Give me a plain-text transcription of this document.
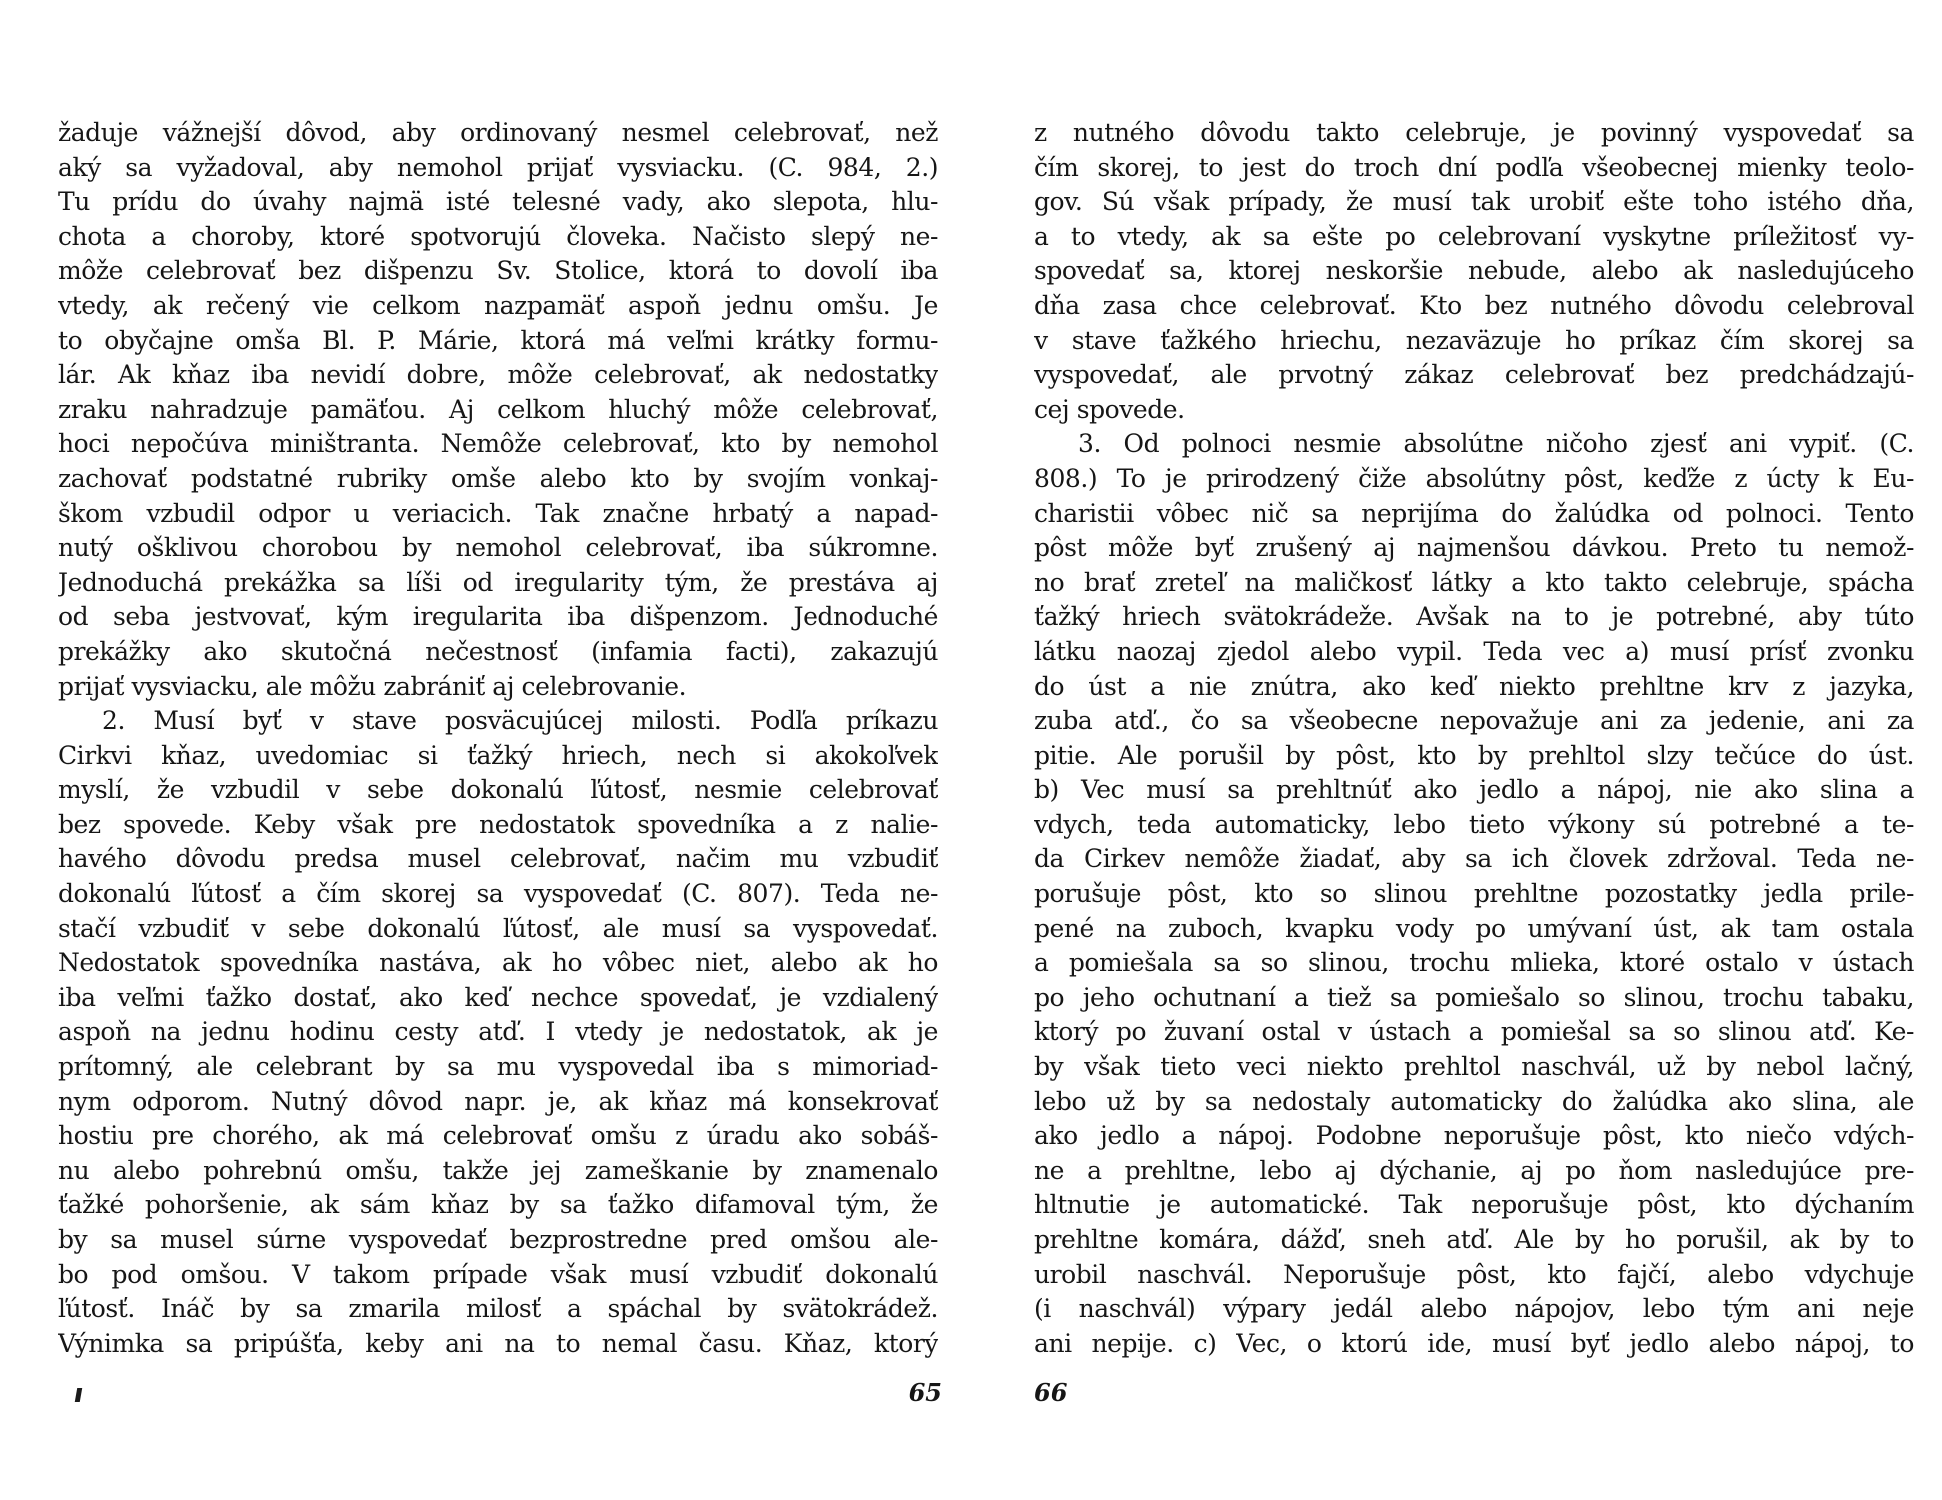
žaduje vážnejší dôvod, aby ordinovaný nesmel celebrovať, než
aký sa vyžadoval, aby nemohol prijať vysviacku. (C. 984, 2.)
Tu prídu do úvahy najmä isté telesné vady, ako slepota, hlu-
chota a choroby, ktoré spotvorujú človeka. Načisto slepý ne-
môže celebrovať bez dišpenzu Sv. Stolice, ktorá to dovolí iba
vtedy, ak rečený vie celkom nazpamäť aspoň jednu omšu. Je
to obyčajne omša Bl. P. Márie, ktorá má veľmi krátky formu-
lár. Ak kňaz iba nevidí dobre, môže celebrovať, ak nedostatky
zraku nahradzuje pamäťou. Aj celkom hluchý môže celebrovať,
hoci nepočúva miništranta. Nemôže celebrovať, kto by nemohol
zachovať podstatné rubriky omše alebo kto by svojím vonkaj-
škom vzbudil odpor u veriacich. Tak značne hrbatý a napad-
nutý ošklivou chorobou by nemohol celebrovať, iba súkromne.
Jednoduchá prekážka sa líši od iregularity tým, že prestáva aj
od seba jestvovať, kým iregularita iba dišpenzom. Jednoduché
prekážky ako skutočná nečestnosť (infamia facti), zakazujú
prijať vysviacku, ale môžu zabrániť aj celebrovanie.
2. Musí byť v stave posväcujúcej milosti. Podľa príkazu
Cirkvi kňaz, uvedomiac si ťažký hriech, nech si akokoľvek
myslí, že vzbudil v sebe dokonalú ľútosť, nesmie celebrovať
bez spovede. Keby však pre nedostatok spovedníka a z nalie-
havého dôvodu predsa musel celebrovať, načim mu vzbudiť
dokonalú ľútosť a čím skorej sa vyspovedať (C. 807). Teda ne-
stačí vzbudiť v sebe dokonalú ľútosť, ale musí sa vyspovedať.
Nedostatok spovedníka nastáva, ak ho vôbec niet, alebo ak ho
iba veľmi ťažko dostať, ako keď nechce spovedať, je vzdialený
aspoň na jednu hodinu cesty atď. I vtedy je nedostatok, ak je
prítomný, ale celebrant by sa mu vyspovedal iba s mimoriad-
nym odporom. Nutný dôvod napr. je, ak kňaz má konsekrovať
hostiu pre chorého, ak má celebrovať omšu z úradu ako sobáš-
nu alebo pohrebnú omšu, takže jej zameškanie by znamenalo
ťažké pohoršenie, ak sám kňaz by sa ťažko difamoval tým, že
by sa musel súrne vyspovedať bezprostredne pred omšou ale-
bo pod omšou. V takom prípade však musí vzbudiť dokonalú
ľútosť. Ináč by sa zmarila milosť a spáchal by svätokrádež.
Výnimka sa pripúšťa, keby ani na to nemal času. Kňaz, ktorý
65
z nutného dôvodu takto celebruje, je povinný vyspovedať sa
čím skorej, to jest do troch dní podľa všeobecnej mienky teolo-
gov. Sú však prípady, že musí tak urobiť ešte toho istého dňa,
a to vtedy, ak sa ešte po celebrovaní vyskytne príležitosť vy-
spovedať sa, ktorej neskoršie nebude, alebo ak nasledujúceho
dňa zasa chce celebrovať. Kto bez nutného dôvodu celebroval
v stave ťažkého hriechu, nezaväzuje ho príkaz čím skorej sa
vyspovedať, ale prvotný zákaz celebrovať bez predchádzajú-
cej spovede.
3. Od polnoci nesmie absolútne ničoho zjesť ani vypiť. (C.
808.) To je prirodzený čiže absolútny pôst, keďže z úcty k Eu-
charistii vôbec nič sa neprijíma do žalúdka od polnoci. Tento
pôst môže byť zrušený aj najmenšou dávkou. Preto tu nemož-
no brať zreteľ na maličkosť látky a kto takto celebruje, spácha
ťažký hriech svätokrádeže. Avšak na to je potrebné, aby túto
látku naozaj zjedol alebo vypil. Teda vec a) musí prísť zvonku
do úst a nie znútra, ako keď niekto prehltne krv z jazyka,
zuba atď., čo sa všeobecne nepovažuje ani za jedenie, ani za
pitie. Ale porušil by pôst, kto by prehltol slzy tečúce do úst.
b) Vec musí sa prehltnúť ako jedlo a nápoj, nie ako slina a
vdych, teda automaticky, lebo tieto výkony sú potrebné a te-
da Cirkev nemôže žiadať, aby sa ich človek zdržoval. Teda ne-
porušuje pôst, kto so slinou prehltne pozostatky jedla prile-
pené na zuboch, kvapku vody po umývaní úst, ak tam ostala
a pomiešala sa so slinou, trochu mlieka, ktoré ostalo v ústach
po jeho ochutnaní a tiež sa pomiešalo so slinou, trochu tabaku,
ktorý po žuvaní ostal v ústach a pomiešal sa so slinou atď. Ke-
by však tieto veci niekto prehltol naschvál, už by nebol lačný,
lebo už by sa nedostaly automaticky do žalúdka ako slina, ale
ako jedlo a nápoj. Podobne neporušuje pôst, kto niečo vdých-
ne a prehltne, lebo aj dýchanie, aj po ňom nasledujúce pre-
hltnutie je automatické. Tak neporušuje pôst, kto dýchaním
prehltne komára, dážď, sneh atď. Ale by ho porušil, ak by to
urobil naschvál. Neporušuje pôst, kto fajčí, alebo vdychuje
(i naschvál) výpary jedál alebo nápojov, lebo tým ani neje
ani nepije. c) Vec, o ktorú ide, musí byť jedlo alebo nápoj, to
66
